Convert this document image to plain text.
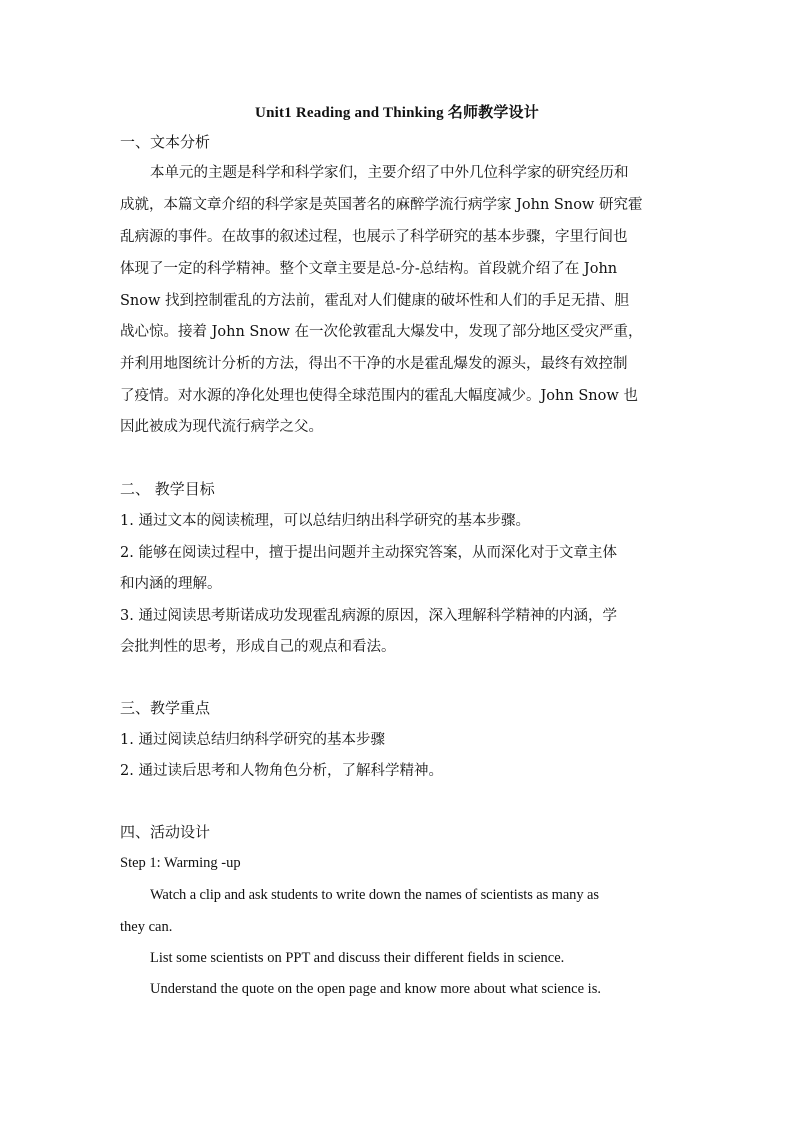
Unit1 Reading and Thinking 名师教学设计
一、文本分析
本单元的主题是科学和科学家们，主要介绍了中外几位科学家的研究经历和
成就，本篇文章介绍的科学家是英国著名的麻醉学流行病学家 John Snow 研究霍
乱病源的事件。在故事的叙述过程，也展示了科学研究的基本步骤，字里行间也
体现了一定的科学精神。整个文章主要是总-分-总结构。首段就介绍了在 John
Snow 找到控制霍乱的方法前，霍乱对人们健康的破坏性和人们的手足无措、胆
战心惊。接着 John Snow 在一次伦敦霍乱大爆发中，发现了部分地区受灾严重，
并利用地图统计分析的方法，得出不干净的水是霍乱爆发的源头，最终有效控制
了疫情。对水源的净化处理也使得全球范围内的霍乱大幅度减少。John Snow 也
因此被成为现代流行病学之父。
二、 教学目标
1. 通过文本的阅读梳理，可以总结归纳出科学研究的基本步骤。
2. 能够在阅读过程中，擅于提出问题并主动探究答案，从而深化对于文章主体
和内涵的理解。
3. 通过阅读思考斯诺成功发现霍乱病源的原因，深入理解科学精神的内涵，学
会批判性的思考，形成自己的观点和看法。
三、教学重点
1. 通过阅读总结归纳科学研究的基本步骤
2. 通过读后思考和人物角色分析，了解科学精神。
四、活动设计
Step 1: Warming -up
Watch a clip and ask students to write down the names of scientists as many as
they can.
List some scientists on PPT and discuss their different fields in science.
Understand the quote on the open page and know more about what science is.
